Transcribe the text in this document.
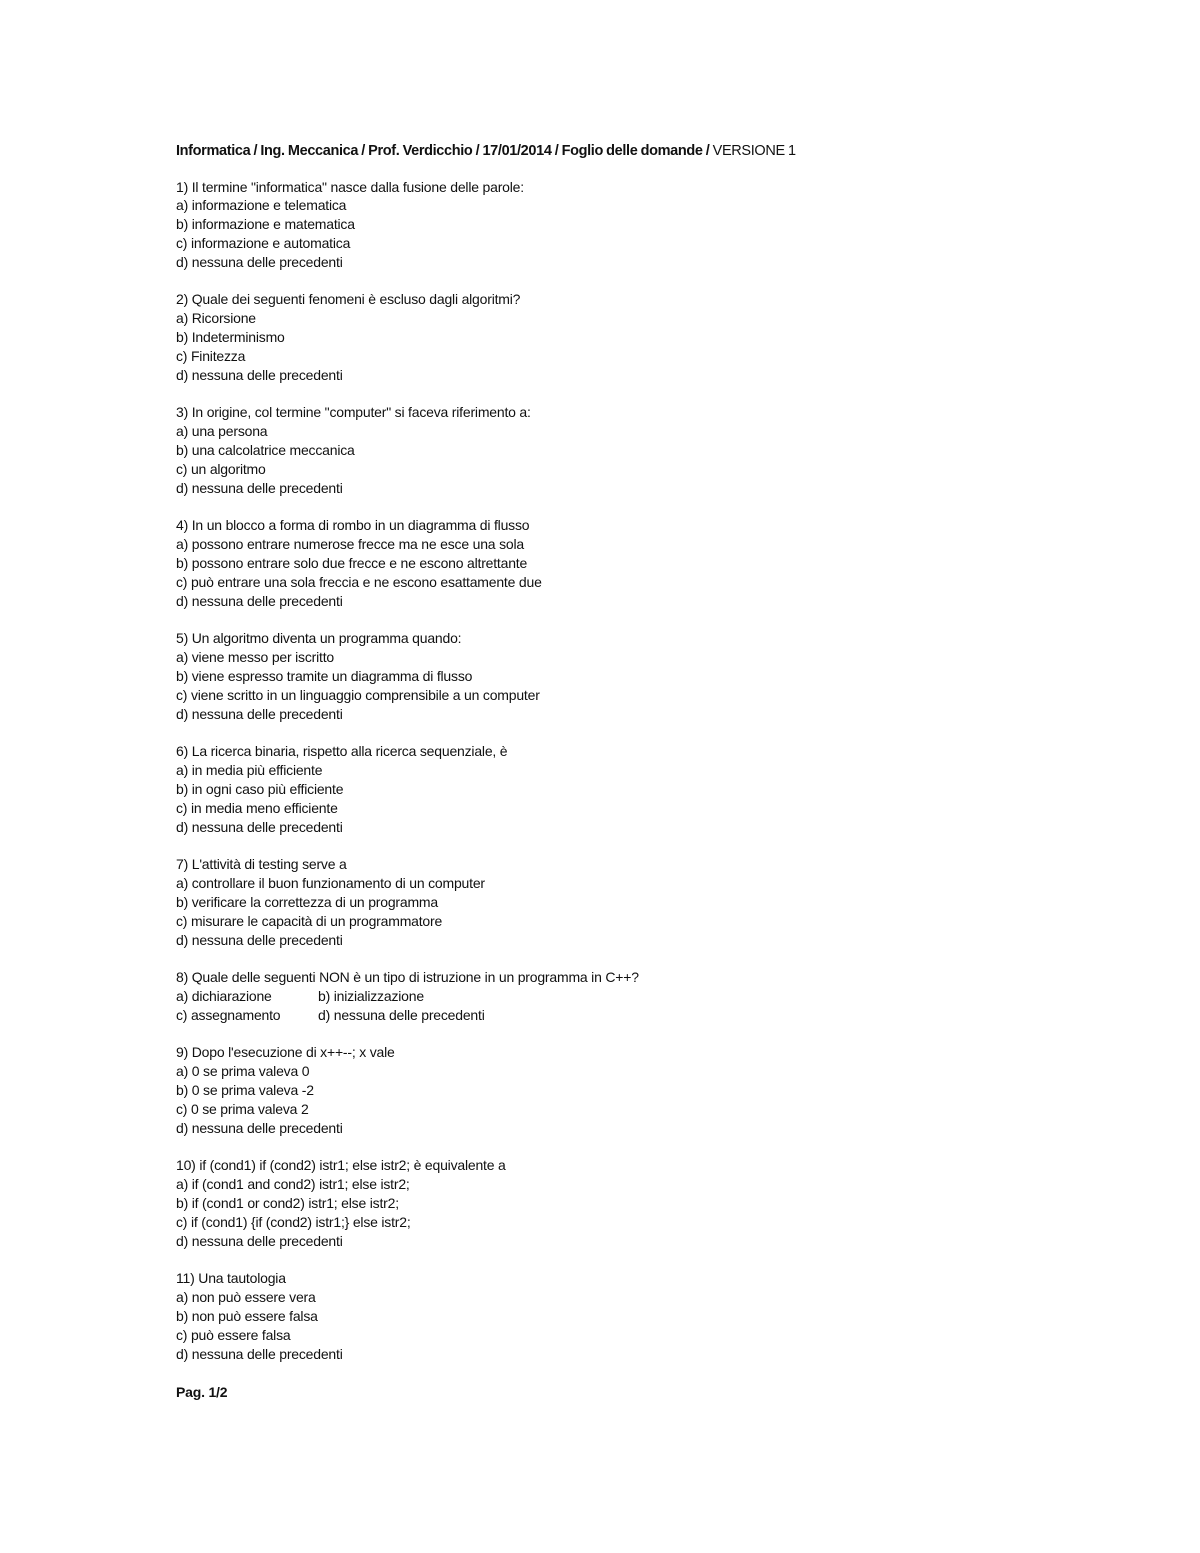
Informatica / Ing. Meccanica / Prof. Verdicchio / 17/01/2014 / Foglio delle domande / VERSIONE 1
1) Il termine "informatica" nasce dalla fusione delle parole:
a) informazione e telematica
b) informazione e matematica
c) informazione e automatica
d) nessuna delle precedenti
2) Quale dei seguenti fenomeni è escluso dagli algoritmi?
a) Ricorsione
b) Indeterminismo
c) Finitezza
d) nessuna delle precedenti
3) In origine, col termine "computer" si faceva riferimento a:
a) una persona
b) una calcolatrice meccanica
c) un algoritmo
d) nessuna delle precedenti
4) In un blocco a forma di rombo in un diagramma di flusso
a) possono entrare numerose frecce ma ne esce una sola
b) possono entrare solo due frecce e ne escono altrettante
c) può entrare una sola freccia e ne escono esattamente due
d) nessuna delle precedenti
5) Un algoritmo diventa un programma quando:
a) viene messo per iscritto
b) viene espresso tramite un diagramma di flusso
c) viene scritto in un linguaggio comprensibile a un computer
d) nessuna delle precedenti
6) La ricerca binaria, rispetto alla ricerca sequenziale, è
a) in media più efficiente
b) in ogni caso più efficiente
c) in media meno efficiente
d) nessuna delle precedenti
7) L'attività di testing serve a
a) controllare il buon funzionamento di un computer
b) verificare la correttezza di un programma
c) misurare le capacità di un programmatore
d) nessuna delle precedenti
8) Quale delle seguenti NON è un tipo di istruzione in un programma in C++?
a) dichiarazione	b) inizializzazione
c) assegnamento	d) nessuna delle precedenti
9) Dopo l'esecuzione di x++--; x vale
a) 0 se prima valeva 0
b) 0 se prima valeva -2
c) 0 se prima valeva 2
d) nessuna delle precedenti
10) if (cond1) if (cond2) istr1; else istr2; è equivalente a
a) if (cond1 and cond2) istr1; else istr2;
b) if (cond1 or cond2) istr1; else istr2;
c) if (cond1) {if (cond2) istr1;} else istr2;
d) nessuna delle precedenti
11) Una tautologia
a) non può essere vera
b) non può essere falsa
c) può essere falsa
d) nessuna delle precedenti
Pag. 1/2
